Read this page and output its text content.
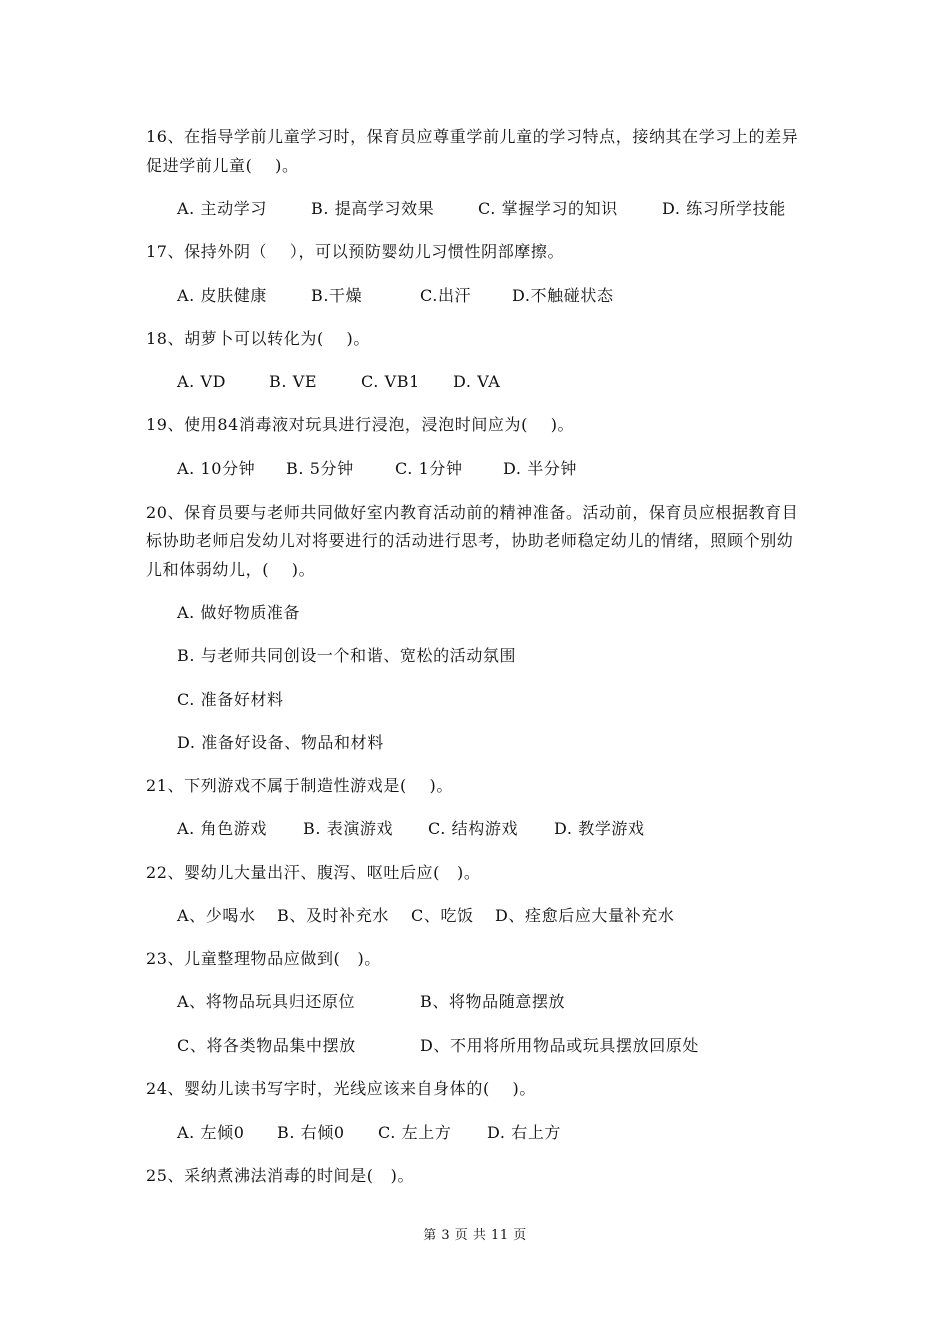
16、在指导学前儿童学习时，保育员应尊重学前儿童的学习特点，接纳其在学习上的差异
促进学前儿童(    )。
A. 主动学习	B. 提高学习效果	C. 掌握学习的知识	D. 练习所学技能
17、保持外阴（    ），可以预防婴幼儿习惯性阴部摩擦。
A. 皮肤健康	B.干燥	C.出汗	D.不触碰状态
18、胡萝卜可以转化为(    )。
A. VD	B. VE	C. VB1 D. VA
19、使用84消毒液对玩具进行浸泡，浸泡时间应为(    )。
A. 10分钟 B. 5分钟	C. 1分钟	D. 半分钟
20、保育员要与老师共同做好室内教育活动前的精神准备。活动前，保育员应根据教育目
标协助老师启发幼儿对将要进行的活动进行思考，协助老师稳定幼儿的情绪，照顾个别幼
儿和体弱幼儿，(    )。
A. 做好物质准备
B. 与老师共同创设一个和谐、宽松的活动氛围
C. 准备好材料
D. 准备好设备、物品和材料
21、下列游戏不属于制造性游戏是(    )。
A. 角色游戏 B. 表演游戏 C. 结构游戏 D. 教学游戏
22、婴幼儿大量出汗、腹泻、呕吐后应(   )。
A、少喝水 B、及时补充水 C、吃饭 D、痊愈后应大量补充水
23、儿童整理物品应做到(   )。
A、将物品玩具归还原位	B、将物品随意摆放
C、将各类物品集中摆放	D、不用将所用物品或玩具摆放回原处
24、婴幼儿读书写字时，光线应该来自身体的(    )。
A. 左倾0 B. 右倾0 C. 左上方 D. 右上方
25、采纳煮沸法消毒的时间是(   )。
第 3 页 共 11 页
